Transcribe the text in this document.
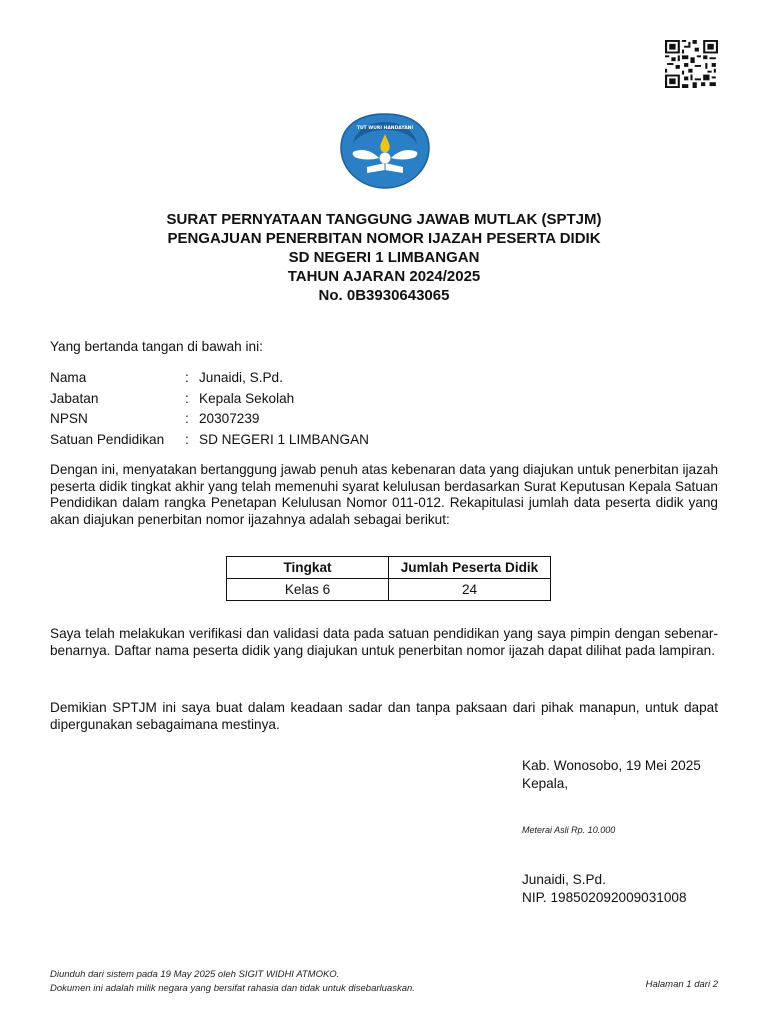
TUT WURI HANDAYANI
SURAT PERNYATAAN TANGGUNG JAWAB MUTLAK (SPTJM)
PENGAJUAN PENERBITAN NOMOR IJAZAH PESERTA DIDIK
SD NEGERI 1 LIMBANGAN
TAHUN AJARAN 2024/2025
No. 0B3930643065
Yang bertanda tangan di bawah ini:
Nama	: Junaidi, S.Pd.
Jabatan	: Kepala Sekolah
NPSN	: 20307239
Satuan Pendidikan : SD NEGERI 1 LIMBANGAN
Dengan ini, menyatakan bertanggung jawab penuh atas kebenaran data yang diajukan untuk penerbitan ijazah peserta didik tingkat akhir yang telah memenuhi syarat kelulusan berdasarkan Surat Keputusan Kepala Satuan Pendidikan dalam rangka Penetapan Kelulusan Nomor 011-012. Rekapitulasi jumlah data peserta didik yang akan diajukan penerbitan nomor ijazahnya adalah sebagai berikut:
Tingkat	Jumlah Peserta Didik
Kelas 6	24
Saya telah melakukan verifikasi dan validasi data pada satuan pendidikan yang saya pimpin dengan sebenar-benarnya. Daftar nama peserta didik yang diajukan untuk penerbitan nomor ijazah dapat dilihat pada lampiran.
Demikian SPTJM ini saya buat dalam keadaan sadar dan tanpa paksaan dari pihak manapun, untuk dapat dipergunakan sebagaimana mestinya.
Kab. Wonosobo, 19 Mei 2025
Kepala,
Meterai Asli Rp. 10.000
Junaidi, S.Pd.
NIP. 198502092009031008
Diunduh dari sistem pada 19 May 2025 oleh SIGIT WIDHI ATMOKO.
Dokumen ini adalah milik negara yang bersifat rahasia dan tidak untuk disebarluaskan.	Halaman 1 dari 2
